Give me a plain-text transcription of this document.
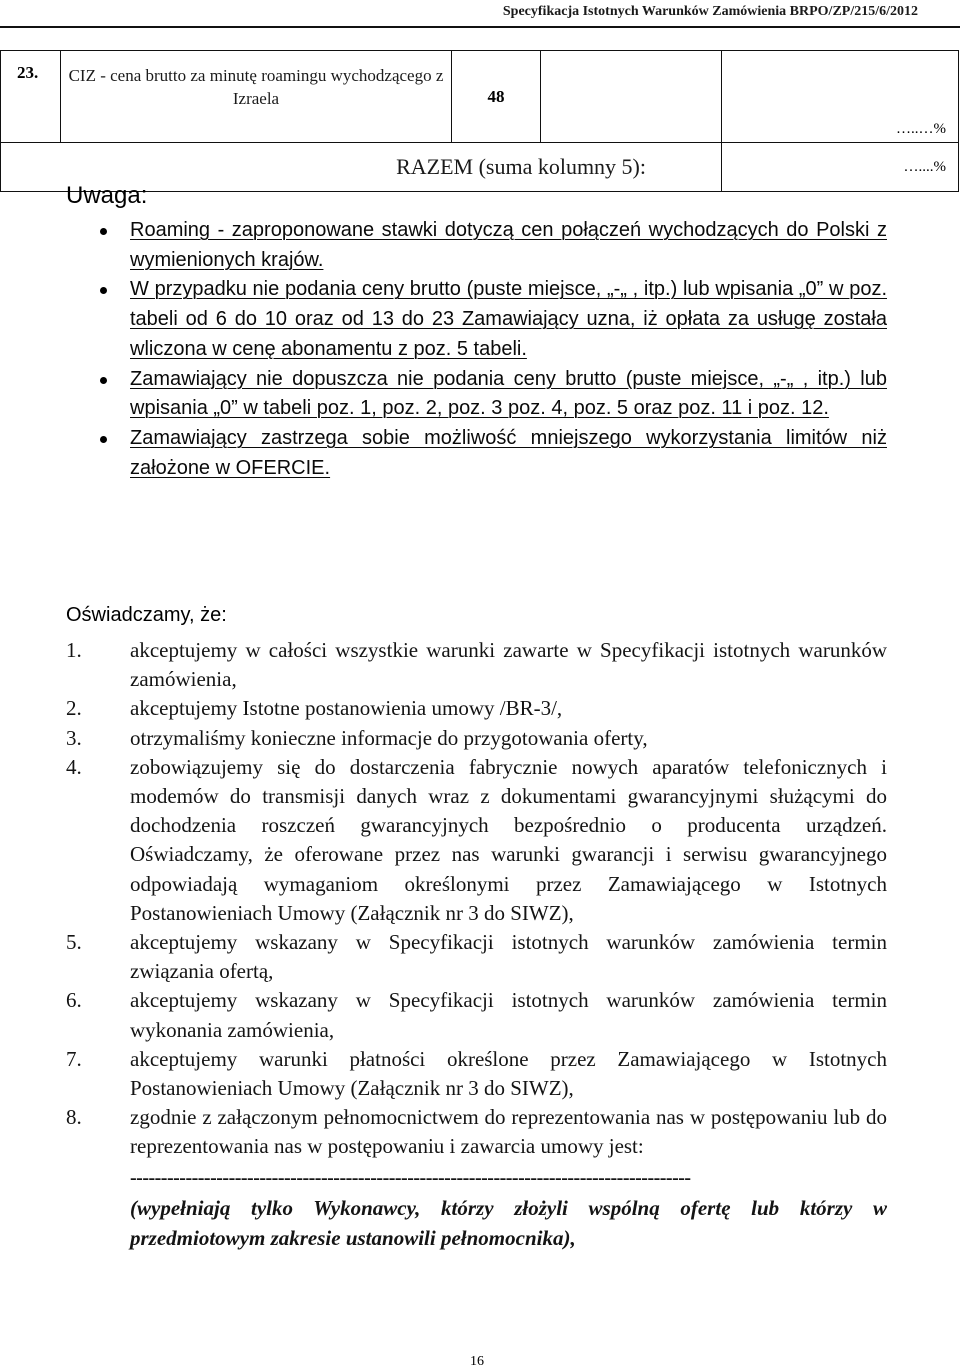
Specyfikacja Istotnych Warunków Zamówienia BRPO/ZP/215/6/2012
23.	CIZ - cena brutto za minutę roamingu wychodzącego z Izraela	48		…..…%
RAZEM (suma kolumny 5):				…....%
Uwaga:
Roaming - zaproponowane stawki dotyczą cen połączeń wychodzących do Polski z wymienionych krajów.
W przypadku nie podania ceny brutto (puste miejsce, „-„ , itp.) lub wpisania „0” w poz. tabeli od 6 do 10 oraz od 13 do 23 Zamawiający uzna, iż opłata za usługę została wliczona w cenę abonamentu z poz. 5 tabeli.
Zamawiający nie dopuszcza nie podania ceny brutto (puste miejsce, „-„ , itp.) lub wpisania „0” w tabeli poz. 1, poz. 2, poz. 3 poz. 4, poz. 5 oraz poz. 11 i poz. 12.
Zamawiający zastrzega sobie możliwość mniejszego wykorzystania limitów niż założone w OFERCIE.
Oświadczamy, że:
1. akceptujemy w całości wszystkie warunki zawarte w Specyfikacji istotnych warunków zamówienia,
2. akceptujemy Istotne postanowienia umowy /BR-3/,
3. otrzymaliśmy konieczne informacje do przygotowania oferty,
4. zobowiązujemy się do dostarczenia fabrycznie nowych aparatów telefonicznych i modemów do transmisji danych wraz z dokumentami gwarancyjnymi służącymi do dochodzenia roszczeń gwarancyjnych bezpośrednio o producenta urządzeń. Oświadczamy, że oferowane przez nas warunki gwarancji i serwisu gwarancyjnego odpowiadają wymaganiom określonymi przez Zamawiającego w Istotnych Postanowieniach Umowy (Załącznik nr 3 do SIWZ),
5. akceptujemy wskazany w Specyfikacji istotnych warunków zamówienia termin związania ofertą,
6. akceptujemy wskazany w Specyfikacji istotnych warunków zamówienia termin wykonania zamówienia,
7. akceptujemy warunki płatności określone przez Zamawiającego w Istotnych Postanowieniach Umowy (Załącznik nr 3 do SIWZ),
8. zgodnie z załączonym pełnomocnictwem do reprezentowania nas w postępowaniu lub do reprezentowania nas w postępowaniu i zawarcia umowy jest:
-------------------------------------------------------------------------------------------
(wypełniają tylko Wykonawcy, którzy złożyli wspólną ofertę lub którzy w przedmiotowym zakresie ustanowili pełnomocnika),
16
